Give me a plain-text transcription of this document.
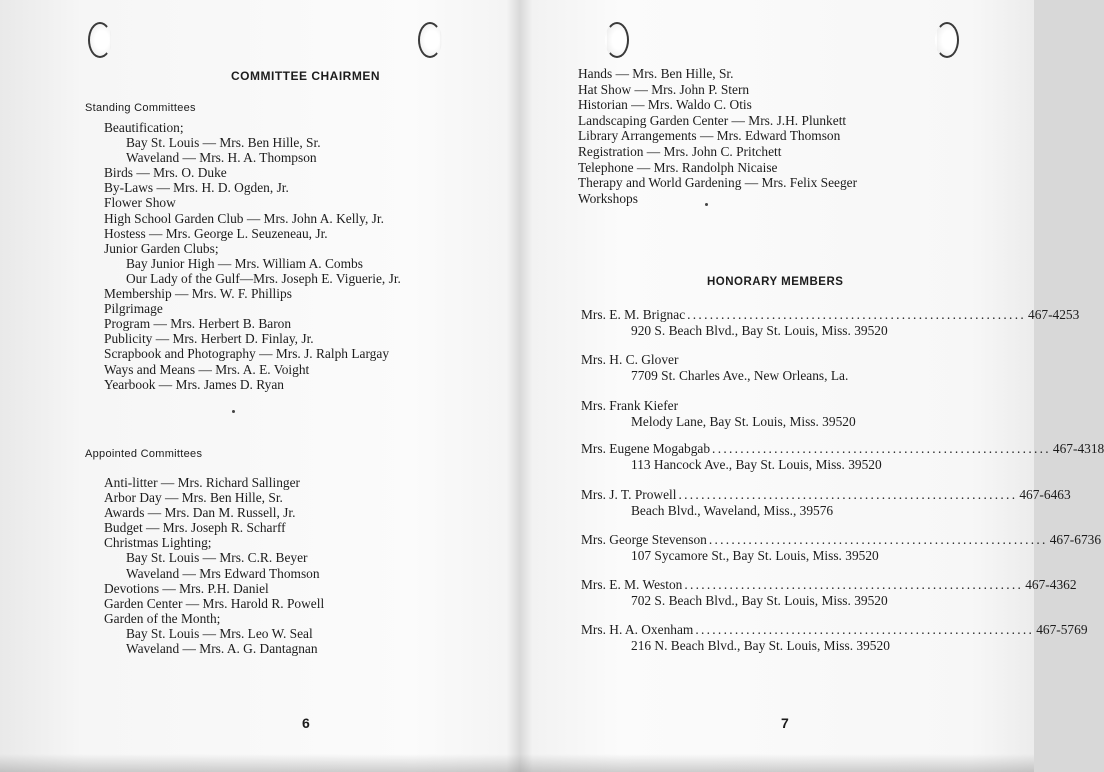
COMMITTEE CHAIRMEN
Standing Committees
Beautification;
Bay St. Louis — Mrs. Ben Hille, Sr.
Waveland — Mrs. H. A. Thompson
Birds — Mrs. O. Duke
By-Laws — Mrs. H. D. Ogden, Jr.
Flower Show
High School Garden Club — Mrs. John A. Kelly, Jr.
Hostess — Mrs. George L. Seuzeneau, Jr.
Junior Garden Clubs;
Bay Junior High — Mrs. William A. Combs
Our Lady of the Gulf—Mrs. Joseph E. Viguerie, Jr.
Membership — Mrs. W. F. Phillips
Pilgrimage
Program — Mrs. Herbert B. Baron
Publicity — Mrs. Herbert D. Finlay, Jr.
Scrapbook and Photography — Mrs. J. Ralph Largay
Ways and Means — Mrs. A. E. Voight
Yearbook — Mrs. James D. Ryan
Appointed Committees
Anti-litter — Mrs. Richard Sallinger
Arbor Day — Mrs. Ben Hille, Sr.
Awards — Mrs. Dan M. Russell, Jr.
Budget — Mrs. Joseph R. Scharff
Christmas Lighting;
Bay St. Louis — Mrs. C.R. Beyer
Waveland — Mrs Edward Thomson
Devotions — Mrs. P.H. Daniel
Garden Center — Mrs. Harold R. Powell
Garden of the Month;
Bay St. Louis — Mrs. Leo W. Seal
Waveland — Mrs. A. G. Dantagnan
6
Hands — Mrs. Ben Hille, Sr.
Hat Show — Mrs. John P. Stern
Historian — Mrs. Waldo C. Otis
Landscaping Garden Center — Mrs. J.H. Plunkett
Library Arrangements — Mrs. Edward Thomson
Registration — Mrs. John C. Pritchett
Telephone — Mrs. Randolph Nicaise
Therapy and World Gardening — Mrs. Felix Seeger
Workshops
HONORARY MEMBERS
7
Mrs. E. M. Brignac ............................................................ 467-4253
920 S. Beach Blvd., Bay St. Louis, Miss. 39520
Mrs. H. C. Glover
7709 St. Charles Ave., New Orleans, La.
Mrs. Frank Kiefer
Melody Lane, Bay St. Louis, Miss. 39520
Mrs. Eugene Mogabgab ............................................................ 467-4318
113 Hancock Ave., Bay St. Louis, Miss. 39520
Mrs. J. T. Prowell ............................................................ 467-6463
Beach Blvd., Waveland, Miss., 39576
Mrs. George Stevenson ............................................................ 467-6736
107 Sycamore St., Bay St. Louis, Miss. 39520
Mrs. E. M. Weston ............................................................ 467-4362
702 S. Beach Blvd., Bay St. Louis, Miss. 39520
Mrs. H. A. Oxenham ............................................................ 467-5769
216 N. Beach Blvd., Bay St. Louis, Miss. 39520
